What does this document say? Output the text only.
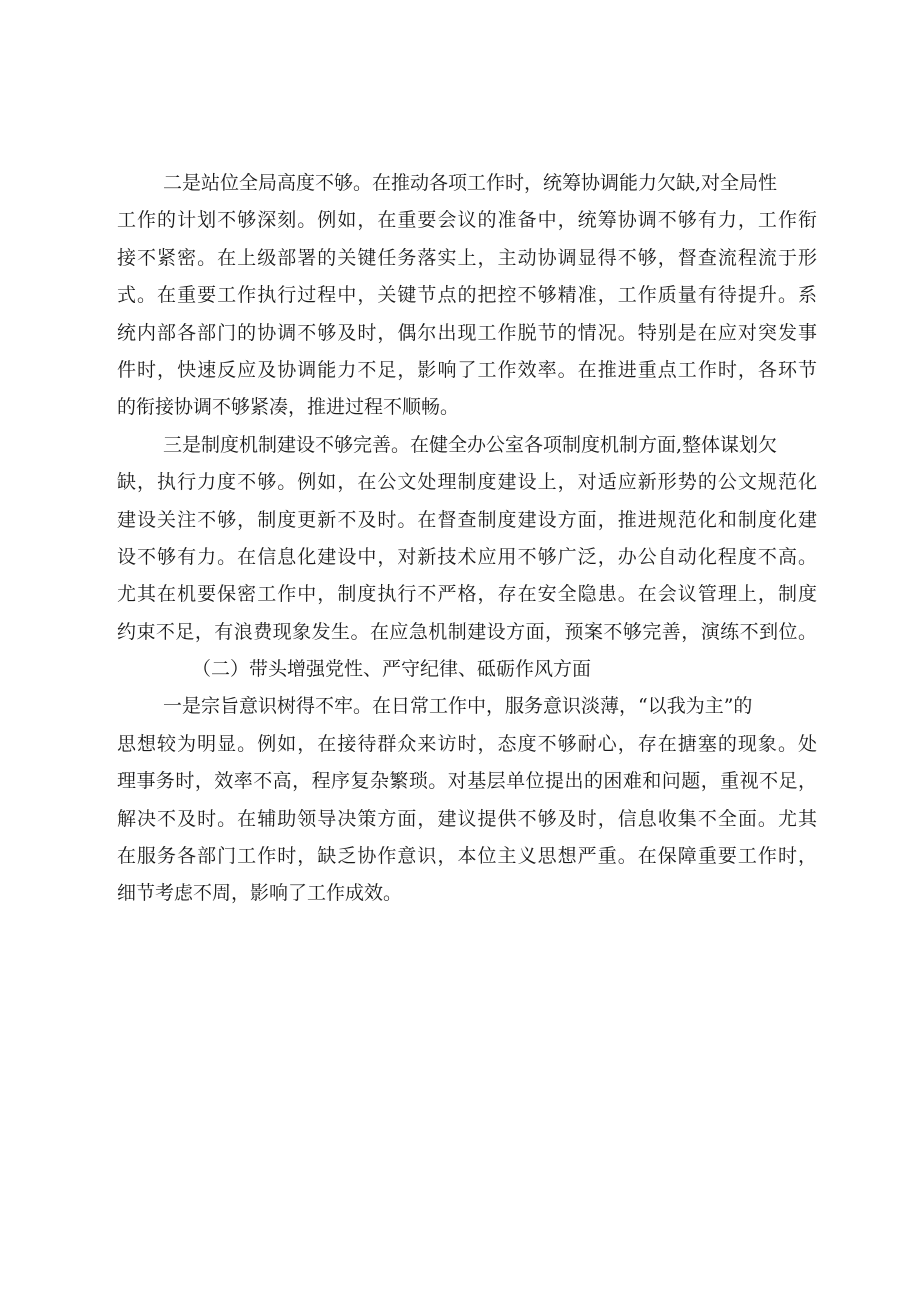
二是站位全局高度不够。在推动各项工作时，统筹协调能力欠缺,对全局性
工作的计划不够深刻。例如，在重要会议的准备中，统筹协调不够有力，工作衔
接不紧密。在上级部署的关键任务落实上，主动协调显得不够，督查流程流于形
式。在重要工作执行过程中，关键节点的把控不够精准，工作质量有待提升。系
统内部各部门的协调不够及时，偶尔出现工作脱节的情况。特别是在应对突发事
件时，快速反应及协调能力不足，影响了工作效率。在推进重点工作时，各环节
的衔接协调不够紧凑，推进过程不顺畅。
三是制度机制建设不够完善。在健全办公室各项制度机制方面,整体谋划欠
缺，执行力度不够。例如，在公文处理制度建设上，对适应新形势的公文规范化
建设关注不够，制度更新不及时。在督查制度建设方面，推进规范化和制度化建
设不够有力。在信息化建设中，对新技术应用不够广泛，办公自动化程度不高。
尤其在机要保密工作中，制度执行不严格，存在安全隐患。在会议管理上，制度
约束不足，有浪费现象发生。在应急机制建设方面，预案不够完善，演练不到位。
（二）带头增强党性、严守纪律、砥砺作风方面
一是宗旨意识树得不牢。在日常工作中，服务意识淡薄，“以我为主”的
思想较为明显。例如，在接待群众来访时，态度不够耐心，存在搪塞的现象。处
理事务时，效率不高，程序复杂繁琐。对基层单位提出的困难和问题，重视不足，
解决不及时。在辅助领导决策方面，建议提供不够及时，信息收集不全面。尤其
在服务各部门工作时，缺乏协作意识，本位主义思想严重。在保障重要工作时，
细节考虑不周，影响了工作成效。
